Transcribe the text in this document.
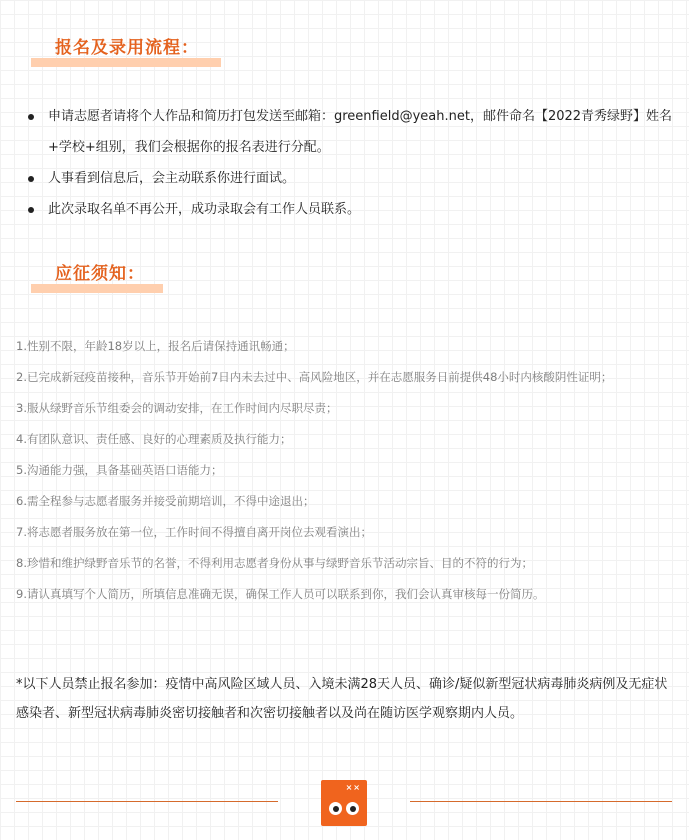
报名及录用流程：
申请志愿者请将个人作品和简历打包发送至邮箱：greenfield@yeah.net，邮件命名【2022青秀绿野】姓名+学校+组别，我们会根据你的报名表进行分配。
人事看到信息后，会主动联系你进行面试。
此次录取名单不再公开，成功录取会有工作人员联系。
应征须知：
1.性别不限，年龄18岁以上，报名后请保持通讯畅通；
2.已完成新冠疫苗接种，音乐节开始前7日内未去过中、高风险地区，并在志愿服务日前提供48小时内核酸阴性证明；
3.服从绿野音乐节组委会的调动安排，在工作时间内尽职尽责；
4.有团队意识、责任感、良好的心理素质及执行能力；
5.沟通能力强，具备基础英语口语能力；
6.需全程参与志愿者服务并接受前期培训，不得中途退出；
7.将志愿者服务放在第一位，工作时间不得擅自离开岗位去观看演出；
8.珍惜和维护绿野音乐节的名誉，不得利用志愿者身份从事与绿野音乐节活动宗旨、目的不符的行为；
9.请认真填写个人简历，所填信息准确无误，确保工作人员可以联系到你，我们会认真审核每一份简历。
*以下人员禁止报名参加：疫情中高风险区域人员、入境未满28天人员、确诊/疑似新型冠状病毒肺炎病例及无症状感染者、新型冠状病毒肺炎密切接触者和次密切接触者以及尚在随访医学观察期内人员。
××
